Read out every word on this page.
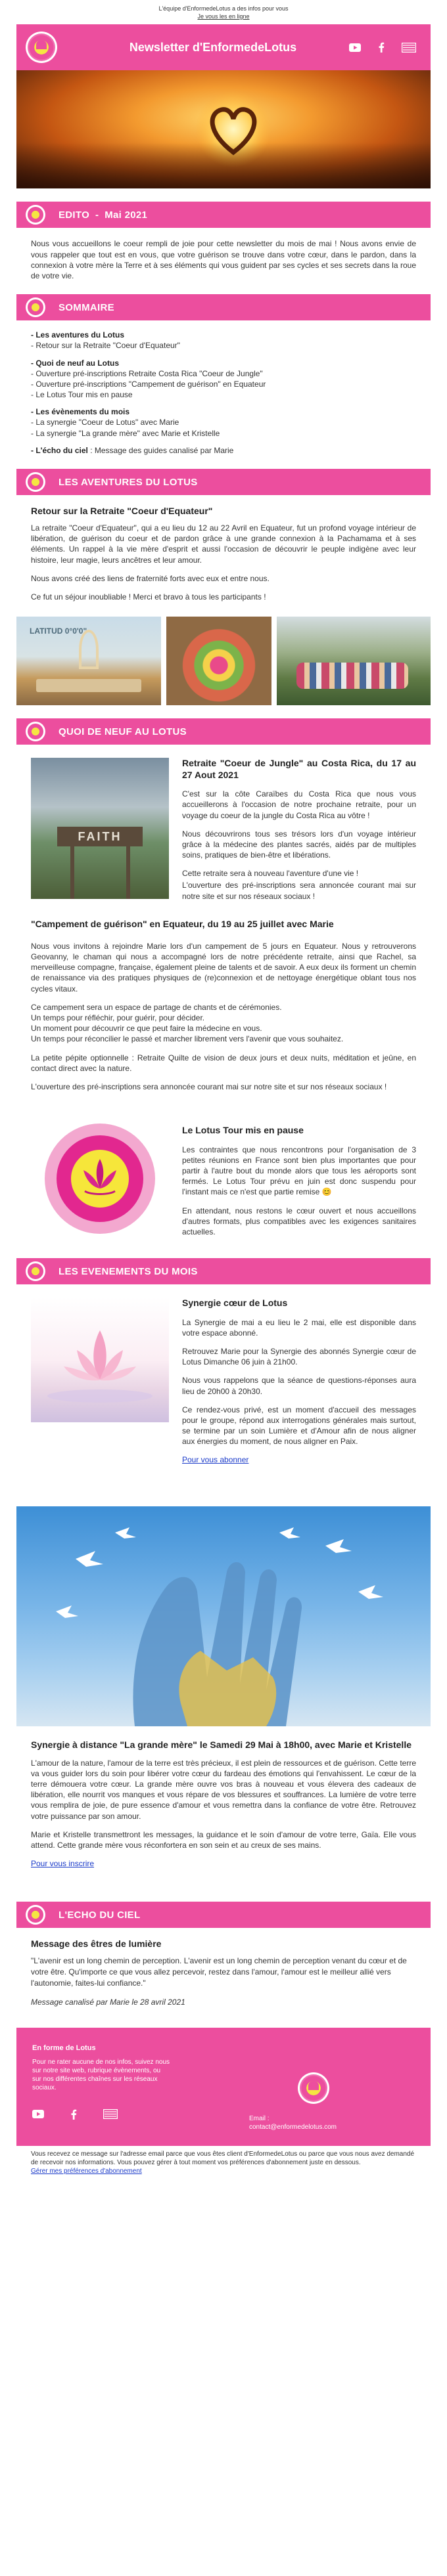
L'équipe d'EnformedeLotus a des infos pour vous
Je vous les en ligne
Newsletter d'EnformedeLotus
EDITO  -  Mai 2021

Nous vous accueillons le coeur rempli de joie pour cette newsletter du mois de mai ! Nous avons envie de vous rappeler que tout est en vous, que votre guérison se trouve dans votre cœur, dans le pardon, dans la connexion à votre mère la Terre et à ses éléments qui vous guident par ses cycles et ses secrets dans la roue de votre vie.

SOMMAIRE
- Les aventures du Lotus
- Retour sur la Retraite "Coeur d'Equateur"
- Quoi de neuf au Lotus
- Ouverture pré-inscriptions Retraite Costa Rica "Coeur de Jungle"
- Ouverture pré-inscriptions "Campement de guérison" en Equateur
- Le Lotus Tour mis en pause
- Les évènements du mois
- La synergie "Coeur de Lotus" avec Marie
- La synergie "La grande mère" avec Marie et Kristelle
- L'écho du ciel : Message des guides canalisé par Marie
LES AVENTURES DU LOTUS
Retour sur la Retraite "Coeur d'Equateur"

La retraite "Coeur d'Equateur", qui a eu lieu du 12 au 22 Avril en Equateur, fut un profond voyage intérieur de libération, de guérison du coeur et de pardon grâce à une grande connexion à la Pachamama et à ses éléments. Un rappel à la vie mère d'esprit et aussi l'occasion de découvrir le peuple indigène avec leur histoire, leur magie, leurs ancêtres et leur amour.

Nous avons créé des liens de fraternité forts avec eux et entre nous.

Ce fut un séjour inoubliable ! Merci et bravo à tous les participants !

LATITUD 0°0'0"
QUOI DE NEUF AU LOTUS
FAITH
Retraite "Coeur de Jungle" au Costa Rica, du 17 au 27 Aout 2021

C'est sur la côte Caraïbes du Costa Rica que nous vous accueillerons à l'occasion de notre prochaine retraite, pour un voyage du coeur de la jungle du Costa Rica au vôtre !

Nous découvrirons tous ses trésors lors d'un voyage intérieur grâce à la médecine des plantes sacrés, aidés par de multiples soins, pratiques de bien-être et libérations.

Cette retraite sera à nouveau l'aventure d'une vie !

L'ouverture des pré-inscriptions sera annoncée courant mai sur notre site et sur nos réseaux sociaux !

"Campement de guérison" en Equateur, du 19 au 25 juillet avec Marie

Nous vous invitons à rejoindre Marie lors d'un campement de 5 jours en Equateur. Nous y retrouverons Geovanny, le chaman qui nous a accompagné lors de notre précédente retraite, ainsi que Rachel, sa merveilleuse compagne, française, également pleine de talents et de savoir. A eux deux ils forment un chemin de renaissance via des pratiques physiques de (re)connexion et de nettoyage énergétique oblant tous nos cycles vitaux.

Ce campement sera un espace de partage de chants et de cérémonies.
Un temps pour réfléchir, pour guérir, pour décider.
Un moment pour découvrir ce que peut faire la médecine en vous.

Un temps pour réconcilier le passé et marcher librement vers l'avenir que vous souhaitez.

La petite pépite optionnelle : Retraite Quilte de vision de deux jours et deux nuits, méditation et jeûne, en contact direct avec la nature.

L'ouverture des pré-inscriptions sera annoncée courant mai sur notre site et sur nos réseaux sociaux !

Le Lotus Tour mis en pause

Les contraintes que nous rencontrons pour l'organisation de 3 petites réunions en France sont bien plus importantes que pour partir à l'autre bout du monde alors que tous les aéroports sont fermés. Le Lotus Tour prévu en juin est donc suspendu pour l'instant mais ce n'est que partie remise 😊

En attendant, nous restons le cœur ouvert et nous accueillons d'autres formats, plus compatibles avec les exigences sanitaires actuelles.

LES EVENEMENTS DU MOIS
Synergie cœur de Lotus

La Synergie de mai a eu lieu le 2 mai, elle est disponible dans votre espace abonné.

Retrouvez Marie pour la Synergie des abonnés Synergie cœur de Lotus Dimanche 06 juin à 21h00.

Nous vous rappelons que la séance de questions-réponses aura lieu de 20h00 à 20h30.

Ce rendez-vous privé, est un moment d'accueil des messages pour le groupe, répond aux interrogations générales mais surtout, se termine par un soin Lumière et d'Amour afin de nous aligner aux énergies du moment, de nous aligner en Paix.

Pour vous abonner

Synergie à distance "La grande mère" le Samedi 29 Mai à 18h00, avec Marie et Kristelle

L'amour de la nature, l'amour de la terre est très précieux, il est plein de ressources et de guérison. Cette terre va vous guider lors du soin pour libérer votre cœur du fardeau des émotions qui l'envahissent. Le cœur de la terre démouera votre cœur. La grande mère ouvre vos bras à nouveau et vous élevera des cadeaux de libération, elle nourrit vos manques et vous répare de vos blessures et souffrances. La lumière de votre terre vous remplira de joie, de pure essence d'amour et vous remettra dans la confiance de votre être. Retrouvez votre puissance par son amour.

Marie et Kristelle transmettront les messages, la guidance et le soin d'amour de votre terre, Gaïa. Elle vous attend. Cette grande mère vous réconfortera en son sein et au creux de ses mains.

Pour vous inscrire

L'ECHO DU CIEL
Message des êtres de lumière

"L'avenir est un long chemin de perception. L'avenir est un long chemin de perception venant du cœur et de votre être. Qu'importe ce que vous allez percevoir, restez dans l'amour, l'amour est le meilleur allié vers l'autonomie, faites-lui confiance."

Message canalisé par Marie le 28 avril 2021

En forme de Lotus
Pour ne rater aucune de nos infos, suivez nous sur notre site web, rubrique évènements, ou sur nos différentes chaînes sur les réseaux sociaux.
Email :
contact@enformedelotus.com
Vous recevez ce message sur l'adresse email parce que vous êtes client d'EnformedeLotus ou parce que vous nous avez demandé de recevoir nos informations. Vous pouvez gérer à tout moment vos préférences d'abonnement juste en dessous.
Gérer mes préférences d'abonnement
